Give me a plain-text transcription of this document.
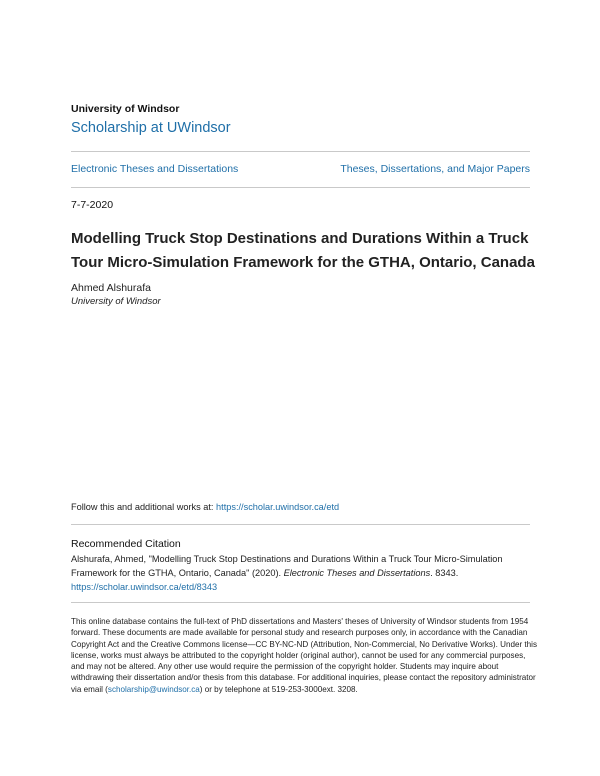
University of Windsor
Scholarship at UWindsor
Electronic Theses and Dissertations	Theses, Dissertations, and Major Papers
7-7-2020
Modelling Truck Stop Destinations and Durations Within a Truck Tour Micro-Simulation Framework for the GTHA, Ontario, Canada
Ahmed Alshurafa
University of Windsor
Follow this and additional works at: https://scholar.uwindsor.ca/etd
Recommended Citation
Alshurafa, Ahmed, "Modelling Truck Stop Destinations and Durations Within a Truck Tour Micro-Simulation Framework for the GTHA, Ontario, Canada" (2020). Electronic Theses and Dissertations. 8343.
https://scholar.uwindsor.ca/etd/8343
This online database contains the full-text of PhD dissertations and Masters' theses of University of Windsor students from 1954 forward. These documents are made available for personal study and research purposes only, in accordance with the Canadian Copyright Act and the Creative Commons license—CC BY-NC-ND (Attribution, Non-Commercial, No Derivative Works). Under this license, works must always be attributed to the copyright holder (original author), cannot be used for any commercial purposes, and may not be altered. Any other use would require the permission of the copyright holder. Students may inquire about withdrawing their dissertation and/or thesis from this database. For additional inquiries, please contact the repository administrator via email (scholarship@uwindsor.ca) or by telephone at 519-253-3000ext. 3208.
